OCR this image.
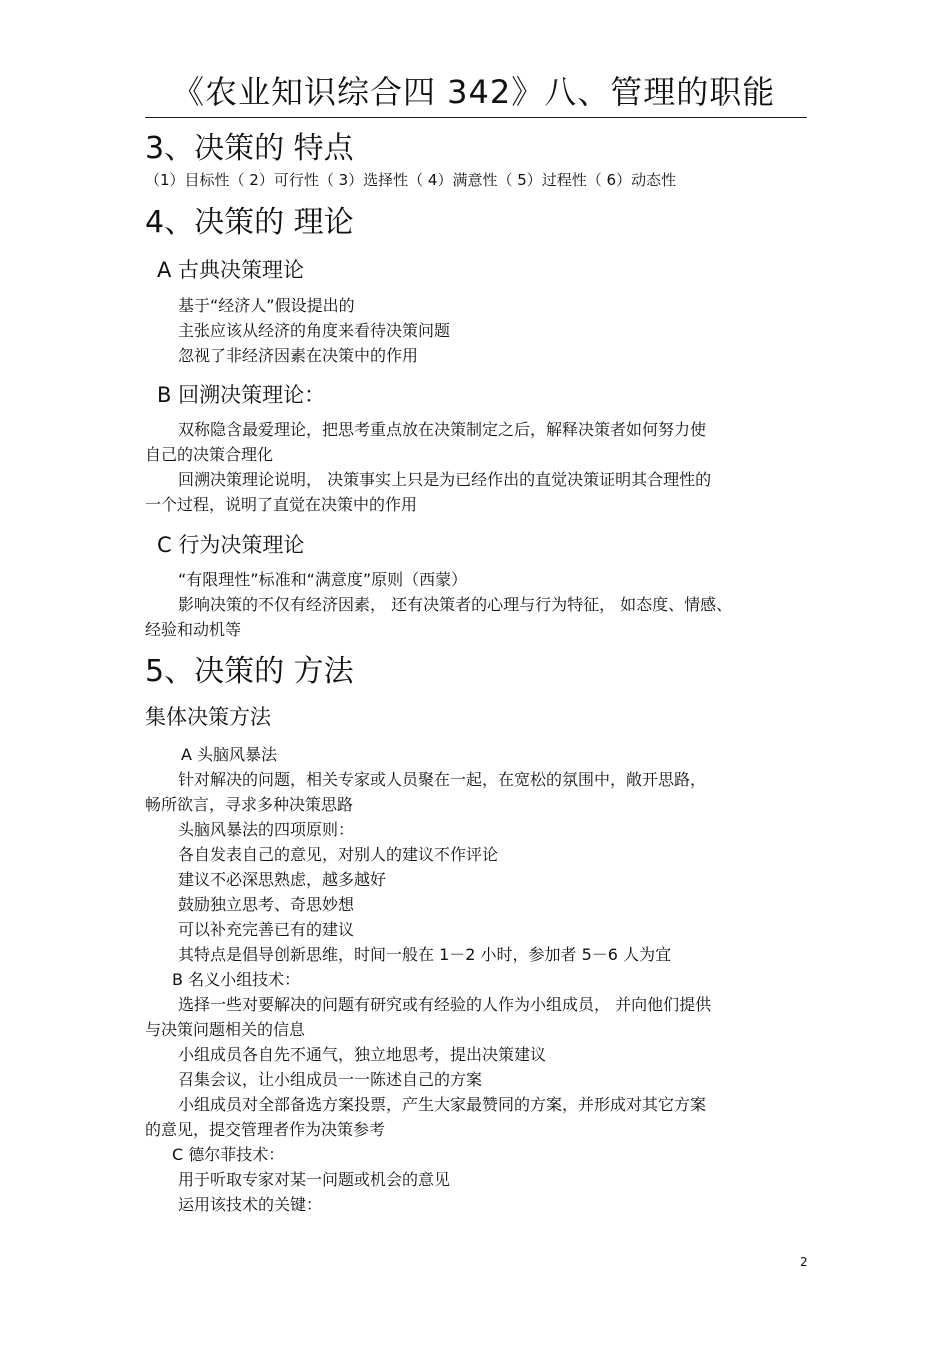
《农业知识综合四 342》八、管理的职能
3、决策的 特点
（1）目标性（ 2）可行性（ 3）选择性（ 4）满意性（ 5）过程性（ 6）动态性
4、决策的 理论
A 古典决策理论
基于“经济人”假设提出的
主张应该从经济的角度来看待决策问题
忽视了非经济因素在决策中的作用
B 回溯决策理论：
双称隐含最爱理论，把思考重点放在决策制定之后，解释决策者如何努力使
自己的决策合理化
回溯决策理论说明， 决策事实上只是为已经作出的直觉决策证明其合理性的
一个过程，说明了直觉在决策中的作用
C 行为决策理论
“有限理性”标准和“满意度”原则（西蒙）
影响决策的不仅有经济因素， 还有决策者的心理与行为特征， 如态度、情感、
经验和动机等
5、决策的 方法
集体决策方法
A 头脑风暴法
针对解决的问题，相关专家或人员聚在一起，在宽松的氛围中，敞开思路，
畅所欲言，寻求多种决策思路
头脑风暴法的四项原则：
各自发表自己的意见，对别人的建议不作评论
建议不必深思熟虑，越多越好
鼓励独立思考、奇思妙想
可以补充完善已有的建议
其特点是倡导创新思维，时间一般在 1－2 小时，参加者 5－6 人为宜
B 名义小组技术：
选择一些对要解决的问题有研究或有经验的人作为小组成员， 并向他们提供
与决策问题相关的信息
小组成员各自先不通气，独立地思考，提出决策建议
召集会议，让小组成员一一陈述自己的方案
小组成员对全部备选方案投票，产生大家最赞同的方案，并形成对其它方案
的意见，提交管理者作为决策参考
C 德尔菲技术：
用于听取专家对某一问题或机会的意见
运用该技术的关键：
2
